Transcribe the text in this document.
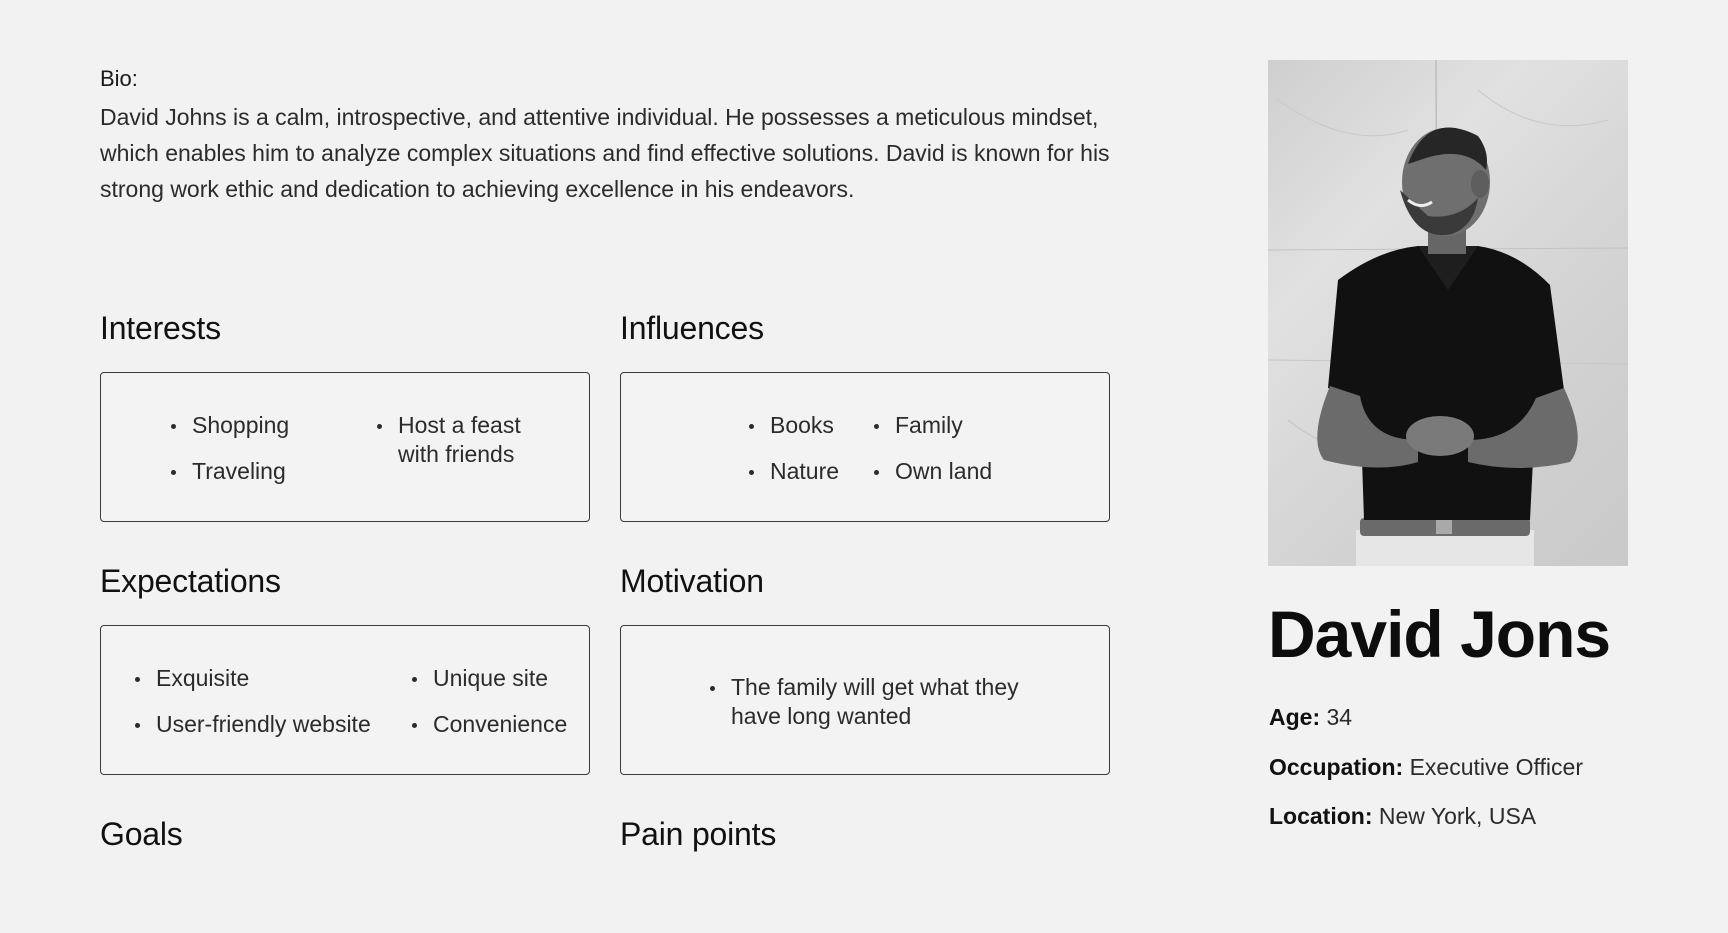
Bio:
David Johns is a calm, introspective, and attentive individual. He possesses a meticulous mindset, which enables him to analyze complex situations and find effective solutions. David is known for his strong work ethic and dedication to achieving excellence in his endeavors.
Interests
Shopping
Traveling
Host a feast with friends
Influences
Books
Nature
Family
Own land
Expectations
Exquisite
User-friendly website
Unique site
Convenience
Motivation
The family will get what they have long wanted
Goals	Pain points
David Jons
Age: 34
Occupation: Executive Officer
Location: New York, USA
